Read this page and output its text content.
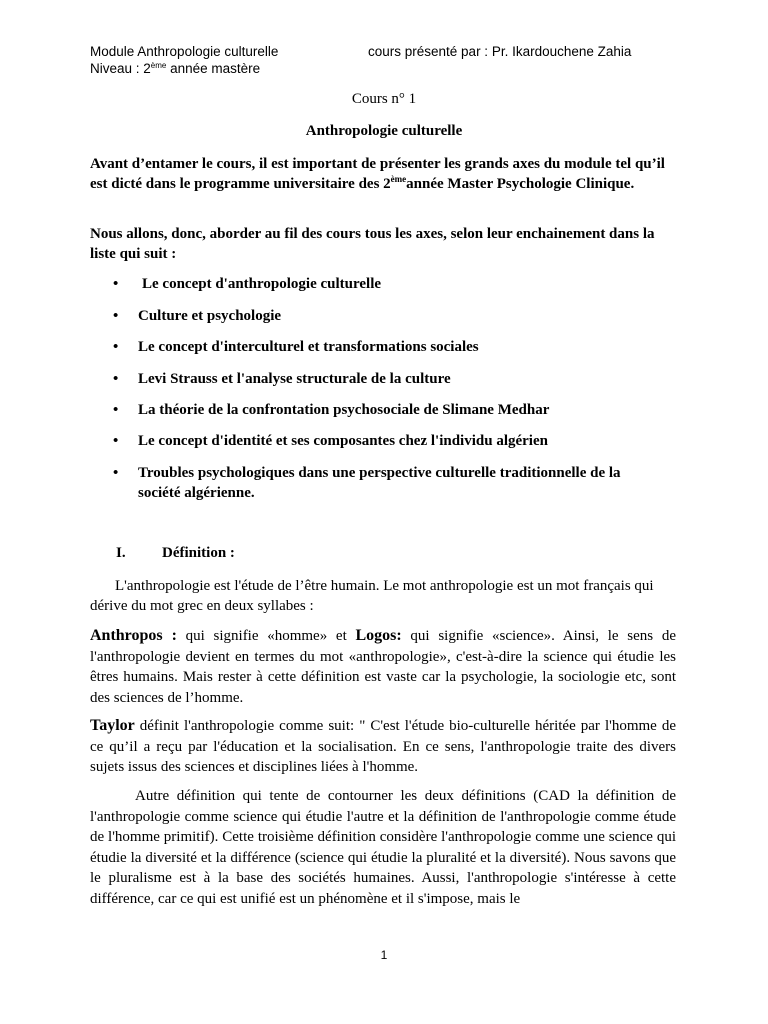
Module Anthropologie culturelle	cours présenté par : Pr. Ikardouchene Zahia
Niveau : 2ème année mastère
Cours n° 1
Anthropologie culturelle
Avant d’entamer le cours, il est important de présenter les grands axes du module tel qu’il est dicté dans le programme universitaire des 2èmeannée Master Psychologie Clinique.
Nous allons, donc, aborder au fil des cours tous les axes, selon leur enchainement dans la liste qui suit :
• Le concept d'anthropologie culturelle
• Culture et psychologie
• Le concept d'interculturel et transformations sociales
• Levi Strauss et l'analyse structurale de la culture
• La théorie de la confrontation psychosociale de Slimane Medhar
• Le concept d'identité et ses composantes chez l'individu algérien
• Troubles psychologiques dans une perspective culturelle traditionnelle de la société algérienne.
I. Définition :
L'anthropologie est l'étude de l’être humain. Le mot anthropologie est un mot français qui dérive du mot grec en deux syllabes :
Anthropos : qui signifie «homme» et Logos: qui signifie «science». Ainsi, le sens de l'anthropologie devient en termes du mot «anthropologie», c'est-à-dire la science qui étudie les êtres humains. Mais rester à cette définition est vaste car la psychologie, la sociologie etc, sont des sciences de l’homme.
Taylor définit l'anthropologie comme suit: " C'est l'étude bio-culturelle héritée par l'homme de ce qu’il a reçu par l'éducation et la socialisation. En ce sens, l'anthropologie traite des divers sujets issus des sciences et disciplines liées à l'homme.
Autre définition qui tente de contourner les deux définitions (CAD la définition de l'anthropologie comme science qui étudie l'autre et la définition de l'anthropologie comme étude de l'homme primitif). Cette troisième définition considère l'anthropologie comme une science qui étudie la diversité et la différence (science qui étudie la pluralité et la diversité). Nous savons que le pluralisme est à la base des sociétés humaines. Aussi, l'anthropologie s'intéresse à cette différence, car ce qui est unifié est un phénomène et il s'impose, mais le
1
